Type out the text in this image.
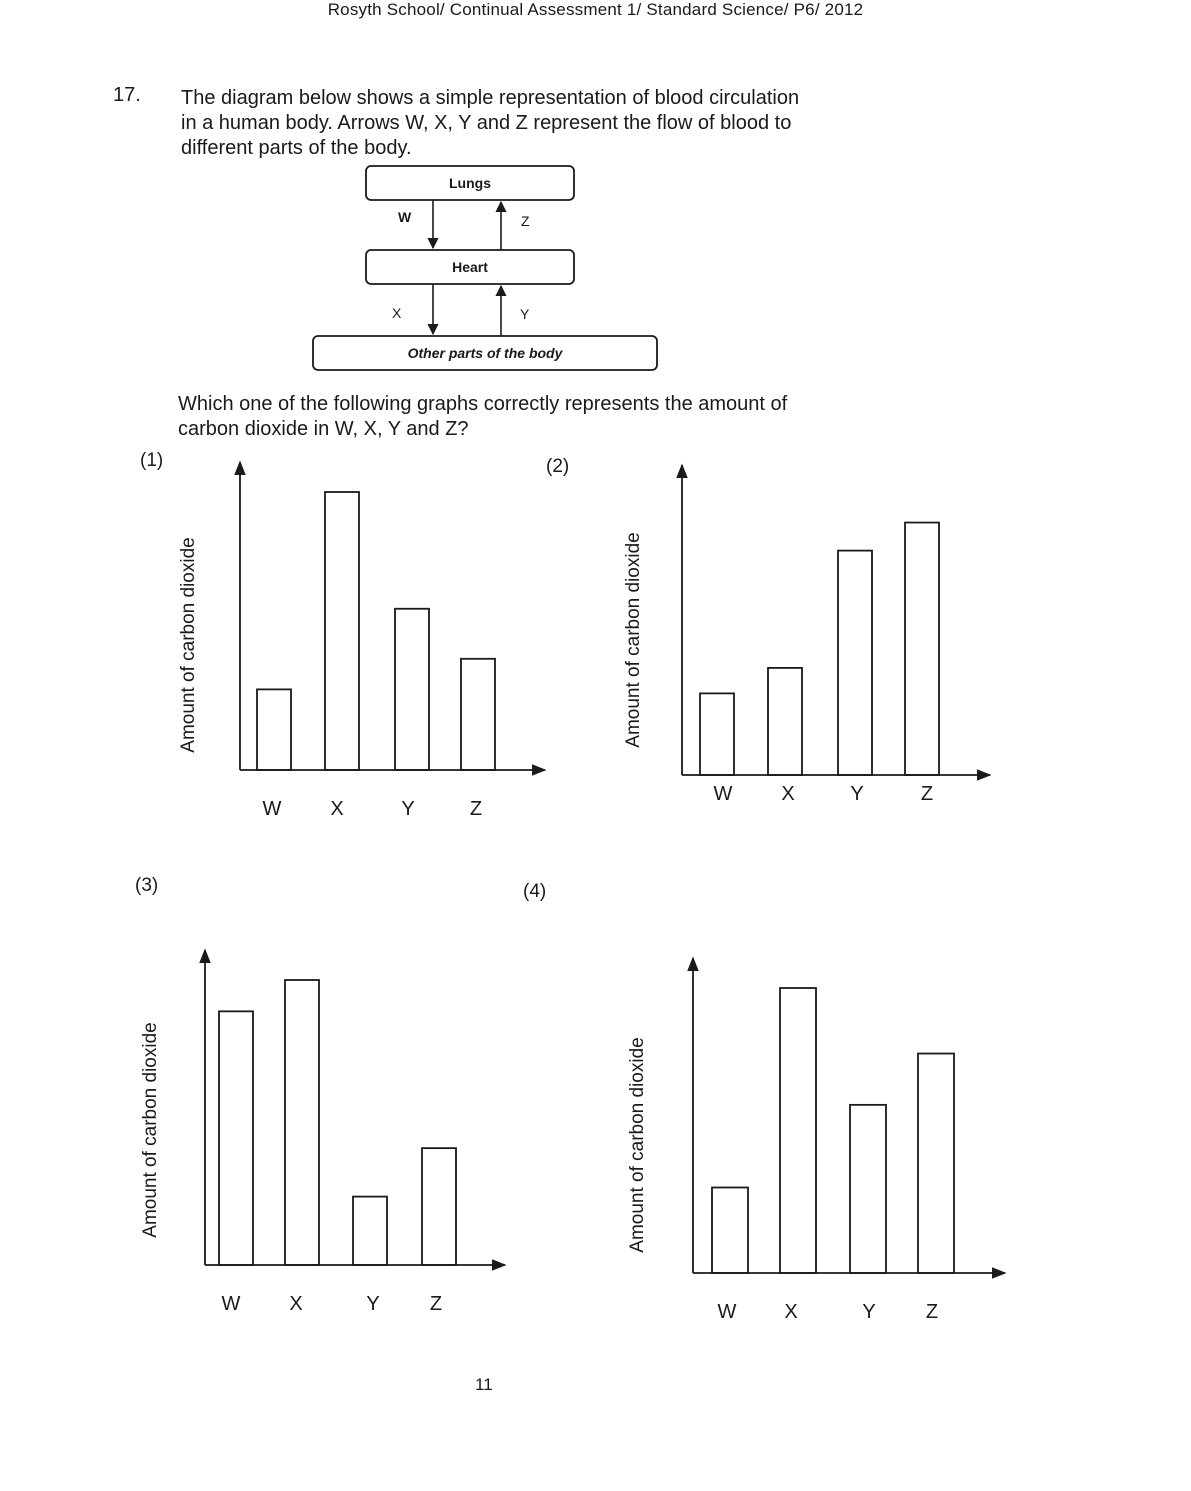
Rosyth School/ Continual Assessment 1/ Standard Science/ P6/ 2012
17. The diagram below shows a simple representation of blood circulation
in a human body. Arrows W, X, Y and Z represent the flow of blood to
different parts of the body.
Lungs
Heart
Other parts of the body
W	Z
X	Y
Which one of the following graphs correctly represents the amount of
carbon dioxide in W, X, Y and Z?
(1)	(2)
(3)	(4)
W X	Y	Z
Amount of carbon dioxide
W X	Y	Z
Amount of carbon dioxide
W X	Y	Z
Amount of carbon dioxide
W X	Y	Z
Amount of carbon dioxide
11
